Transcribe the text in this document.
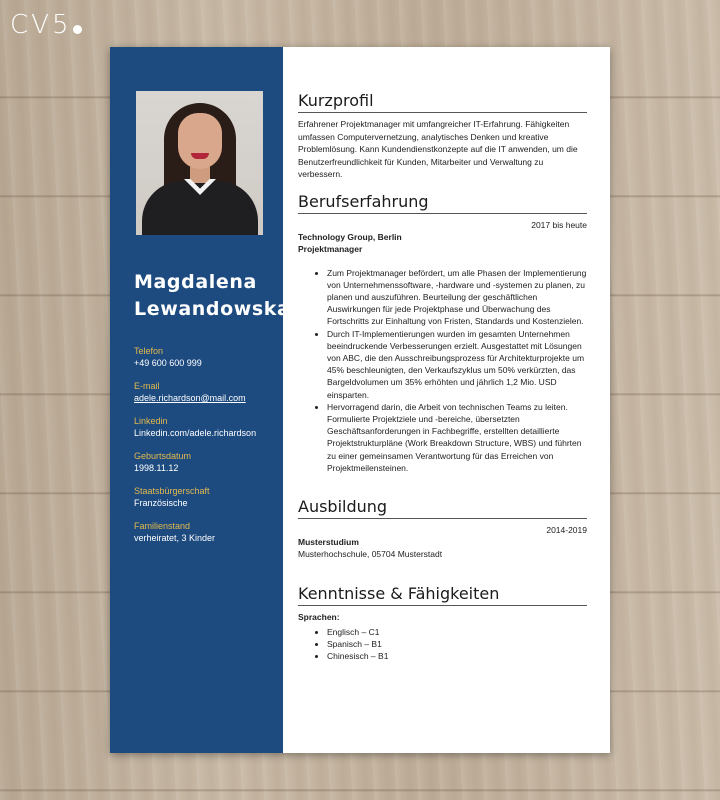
CV5
Magdalena
Lewandowska
Telefon
+49 600 600 999
E-mail
adele.richardson@mail.com
Linkedin
Linkedin.com/adele.richardson
Geburtsdatum
1998.11.12
Staatsbürgerschaft
Französische
Familienstand
verheiratet, 3 Kinder
Kurzprofil
Erfahrener Projektmanager mit umfangreicher IT-Erfahrung. Fähigkeiten umfassen Computervernetzung, analytisches Denken und kreative Problemlösung. Kann Kundendienstkonzepte auf die IT anwenden, um die Benutzerfreundlichkeit für Kunden, Mitarbeiter und Verwaltung zu verbessern.
Berufserfahrung
2017 bis heute
Technology Group, Berlin
Projektmanager
• Zum Projektmanager befördert, um alle Phasen der Implementierung von Unternehmenssoftware, -hardware und -systemen zu planen, zu planen und auszuführen. Beurteilung der geschäftlichen Auswirkungen für jede Projektphase und Überwachung des Fortschritts zur Einhaltung von Fristen, Standards und Kostenzielen.
• Durch IT-Implementierungen wurden im gesamten Unternehmen beeindruckende Verbesserungen erzielt. Ausgestattet mit Lösungen von ABC, die den Ausschreibungsprozess für Architekturprojekte um 45% beschleunigten, den Verkaufszyklus um 50% verkürzten, das Bargeldvolumen um 35% erhöhten und jährlich 1,2 Mio. USD einsparten.
• Hervorragend darin, die Arbeit von technischen Teams zu leiten. Formulierte Projektziele und -bereiche, übersetzten Geschäftsanforderungen in Fachbegriffe, erstellten detaillierte Projektstrukturpläne (Work Breakdown Structure, WBS) und führten zu einer gemeinsamen Verantwortung für das Erreichen von Projektmeilensteinen.
Ausbildung
2014-2019
Musterstudium
Musterhochschule, 05704 Musterstadt
Kenntnisse & Fähigkeiten
Sprachen:
• Englisch – C1
• Spanisch – B1
• Chinesisch – B1
